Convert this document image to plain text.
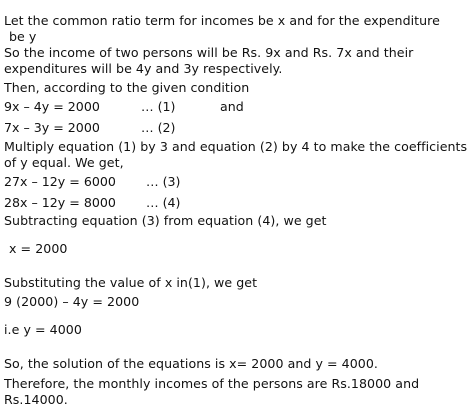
Let the common ratio term for incomes be x and for the expenditure
be y
So the income of two persons will be Rs. 9x and Rs. 7x and their
expenditures will be 4y and 3y respectively.
Then, according to the given condition
9x – 4y = 2000	… (1)	and
7x – 3y = 2000	… (2)
Multiply equation (1) by 3 and equation (2) by 4 to make the coefficients
of y equal. We get,
27x – 12y = 6000 … (3)
28x – 12y = 8000 … (4)
Subtracting equation (3) from equation (4), we get
x = 2000
Substituting the value of x in(1), we get
9 (2000) – 4y = 2000
i.e y = 4000
So, the solution of the equations is x= 2000 and y = 4000.
Therefore, the monthly incomes of the persons are Rs.18000 and
Rs.14000.
